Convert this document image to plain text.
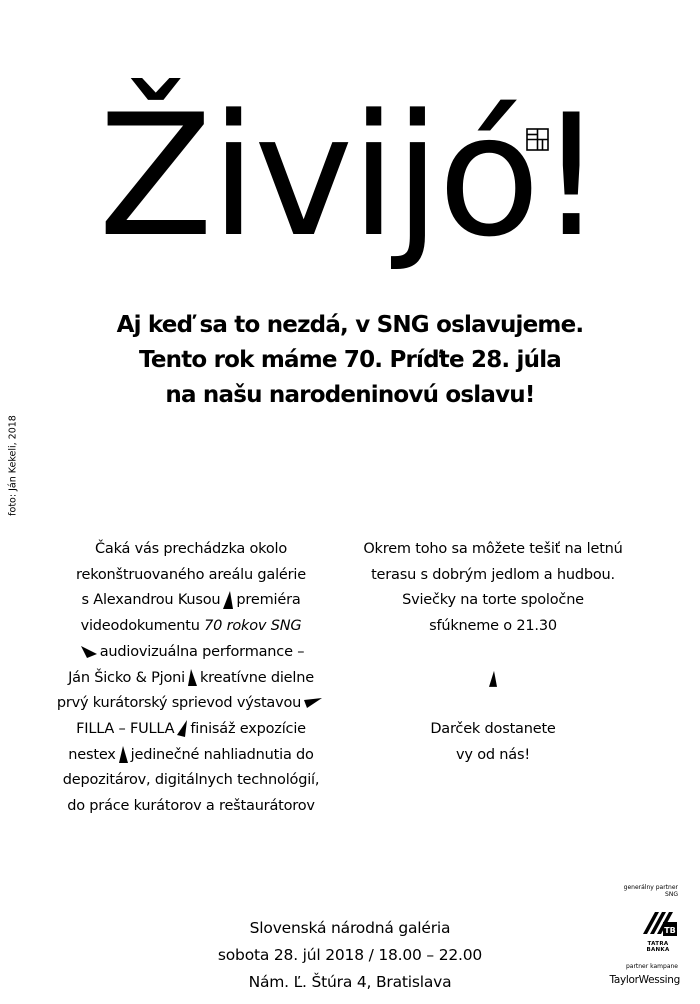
Živijó!
Aj keď sa to nezdá, v SNG oslavujeme.
Tento rok máme 70. Príďte 28. júla
na našu narodeninovú oslavu!
foto: Ján Kekeli, 2018
Čaká vás prechádzka okolo
rekonštruovaného areálu galérie
s Alexandrou Kusou premiéra
videodokumentu 70 rokov SNG
audiovizuálna performance –
Ján Šicko & Pjoni kreatívne dielne
prvý kurátorský sprievod výstavou
FILLA – FULLA finisáž expozície
nestex jedinečné nahliadnutia do
depozitárov, digitálnych technológií,
do práce kurátorov a reštaurátorov
Okrem toho sa môžete tešiť na letnú
terasu s dobrým jedlom a hudbou.
Sviečky na torte spoločne
sfúkneme o 21.30
Darček dostanete
vy od nás!
Slovenská národná galéria
sobota 28. júl 2018 / 18.00 – 22.00
Nám. Ľ. Štúra 4, Bratislava
generálny partner SNG
TB
TATRA BANKA
partner kampane
TaylorWessing
